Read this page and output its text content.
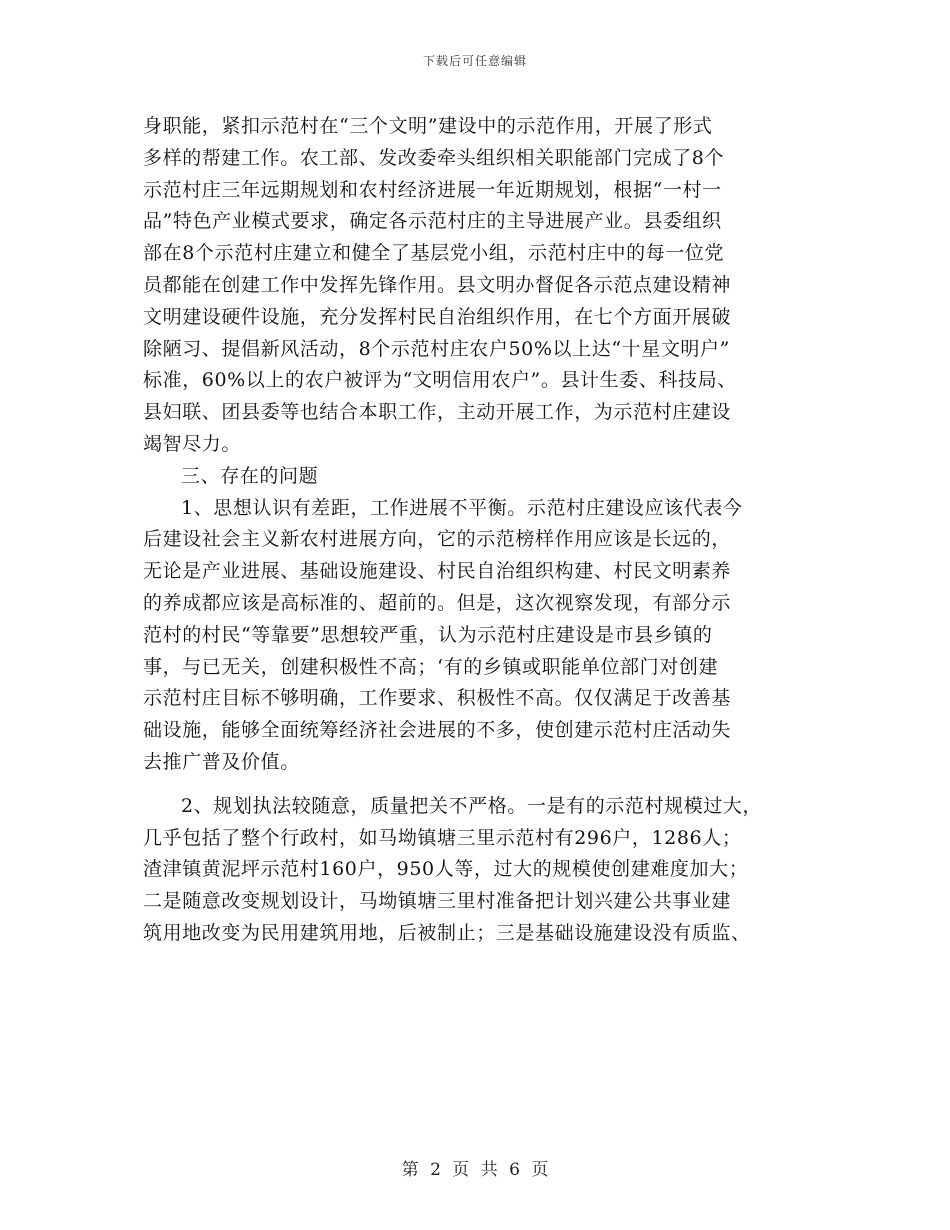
下载后可任意编辑
身职能，紧扣示范村在“三个文明”建设中的示范作用，开展了形式
多样的帮建工作。农工部、发改委牵头组织相关职能部门完成了8个
示范村庄三年远期规划和农村经济进展一年近期规划，根据“一村一
品”特色产业模式要求，确定各示范村庄的主导进展产业。县委组织
部在8个示范村庄建立和健全了基层党小组，示范村庄中的每一位党
员都能在创建工作中发挥先锋作用。县文明办督促各示范点建设精神
文明建设硬件设施，充分发挥村民自治组织作用，在七个方面开展破
除陋习、提倡新风活动，8个示范村庄农户50%以上达“十星文明户”
标准，60%以上的农户被评为“文明信用农户”。县计生委、科技局、
县妇联、团县委等也结合本职工作，主动开展工作，为示范村庄建设
竭智尽力。
三、存在的问题
1、思想认识有差距，工作进展不平衡。示范村庄建设应该代表今
后建设社会主义新农村进展方向，它的示范榜样作用应该是长远的，
无论是产业进展、基础设施建设、村民自治组织构建、村民文明素养
的养成都应该是高标准的、超前的。但是，这次视察发现，有部分示
范村的村民“等靠要”思想较严重，认为示范村庄建设是市县乡镇的
事，与已无关，创建积极性不高；‘有的乡镇或职能单位部门对创建
示范村庄目标不够明确，工作要求、积极性不高。仅仅满足于改善基
础设施，能够全面统筹经济社会进展的不多，使创建示范村庄活动失
去推广普及价值。
2、规划执法较随意，质量把关不严格。一是有的示范村规模过大，
几乎包括了整个行政村，如马坳镇塘三里示范村有296户，1286人；
渣津镇黄泥坪示范村160户，950人等，过大的规模使创建难度加大；
二是随意改变规划设计，马坳镇塘三里村准备把计划兴建公共事业建
筑用地改变为民用建筑用地，后被制止；三是基础设施建设没有质监、
第 2 页 共 6 页
